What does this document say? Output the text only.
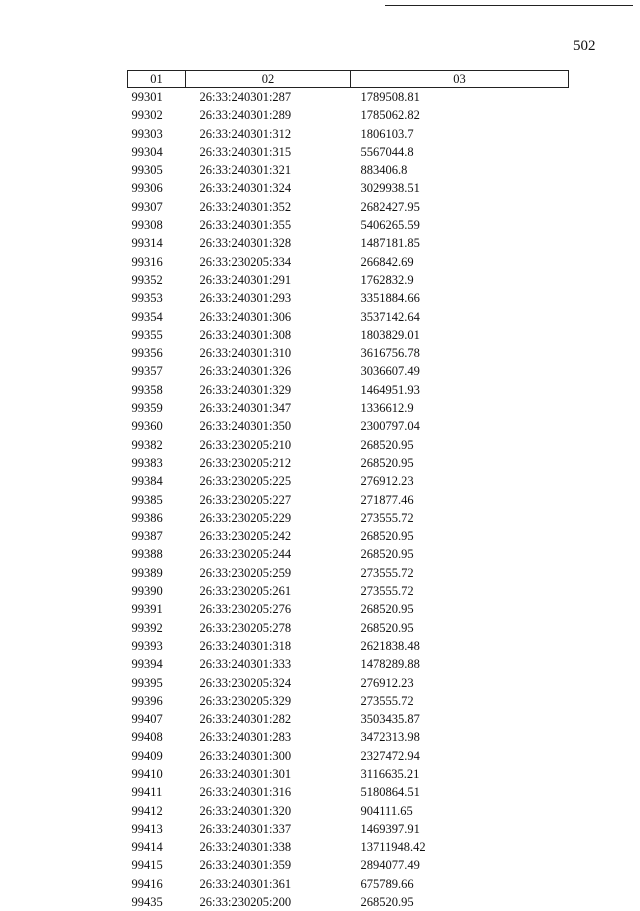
502
01	02	03
99301	26:33:240301:287	1789508.81
99302	26:33:240301:289	1785062.82
99303	26:33:240301:312	1806103.7
99304	26:33:240301:315	5567044.8
99305	26:33:240301:321	883406.8
99306	26:33:240301:324	3029938.51
99307	26:33:240301:352	2682427.95
99308	26:33:240301:355	5406265.59
99314	26:33:240301:328	1487181.85
99316	26:33:230205:334	266842.69
99352	26:33:240301:291	1762832.9
99353	26:33:240301:293	3351884.66
99354	26:33:240301:306	3537142.64
99355	26:33:240301:308	1803829.01
99356	26:33:240301:310	3616756.78
99357	26:33:240301:326	3036607.49
99358	26:33:240301:329	1464951.93
99359	26:33:240301:347	1336612.9
99360	26:33:240301:350	2300797.04
99382	26:33:230205:210	268520.95
99383	26:33:230205:212	268520.95
99384	26:33:230205:225	276912.23
99385	26:33:230205:227	271877.46
99386	26:33:230205:229	273555.72
99387	26:33:230205:242	268520.95
99388	26:33:230205:244	268520.95
99389	26:33:230205:259	273555.72
99390	26:33:230205:261	273555.72
99391	26:33:230205:276	268520.95
99392	26:33:230205:278	268520.95
99393	26:33:240301:318	2621838.48
99394	26:33:240301:333	1478289.88
99395	26:33:230205:324	276912.23
99396	26:33:230205:329	273555.72
99407	26:33:240301:282	3503435.87
99408	26:33:240301:283	3472313.98
99409	26:33:240301:300	2327472.94
99410	26:33:240301:301	3116635.21
99411	26:33:240301:316	5180864.51
99412	26:33:240301:320	904111.65
99413	26:33:240301:337	1469397.91
99414	26:33:240301:338	13711948.42
99415	26:33:240301:359	2894077.49
99416	26:33:240301:361	675789.66
99435	26:33:230205:200	268520.95
